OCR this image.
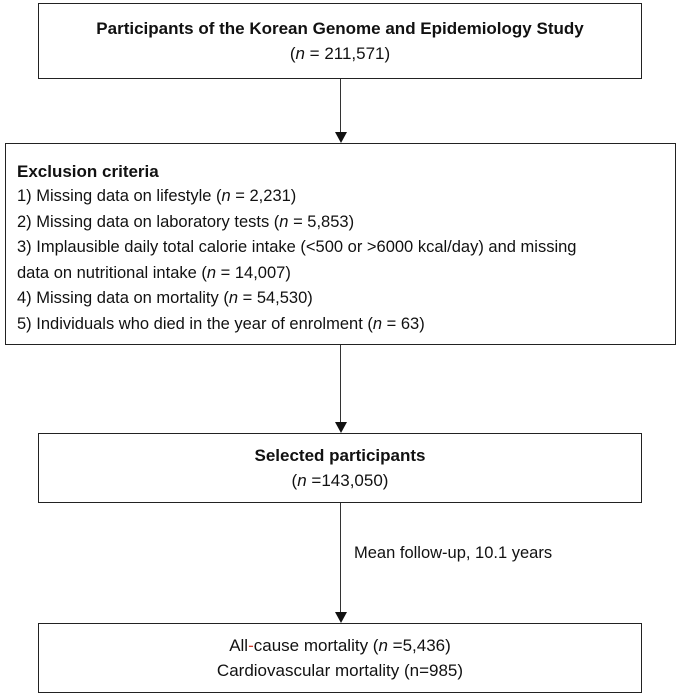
Participants of the Korean Genome and Epidemiology Study
(n = 211,571)
Exclusion criteria
1) Missing data on lifestyle (n = 2,231)
2) Missing data on laboratory tests (n = 5,853)
3) Implausible daily total calorie intake (<500 or >6000 kcal/day) and missing
data on nutritional intake (n = 14,007)
4) Missing data on mortality (n = 54,530)
5) Individuals who died in the year of enrolment (n = 63)
Selected participants
(n =143,050)
Mean follow-up, 10.1 years
All-cause mortality (n =5,436)
Cardiovascular mortality (n=985)
